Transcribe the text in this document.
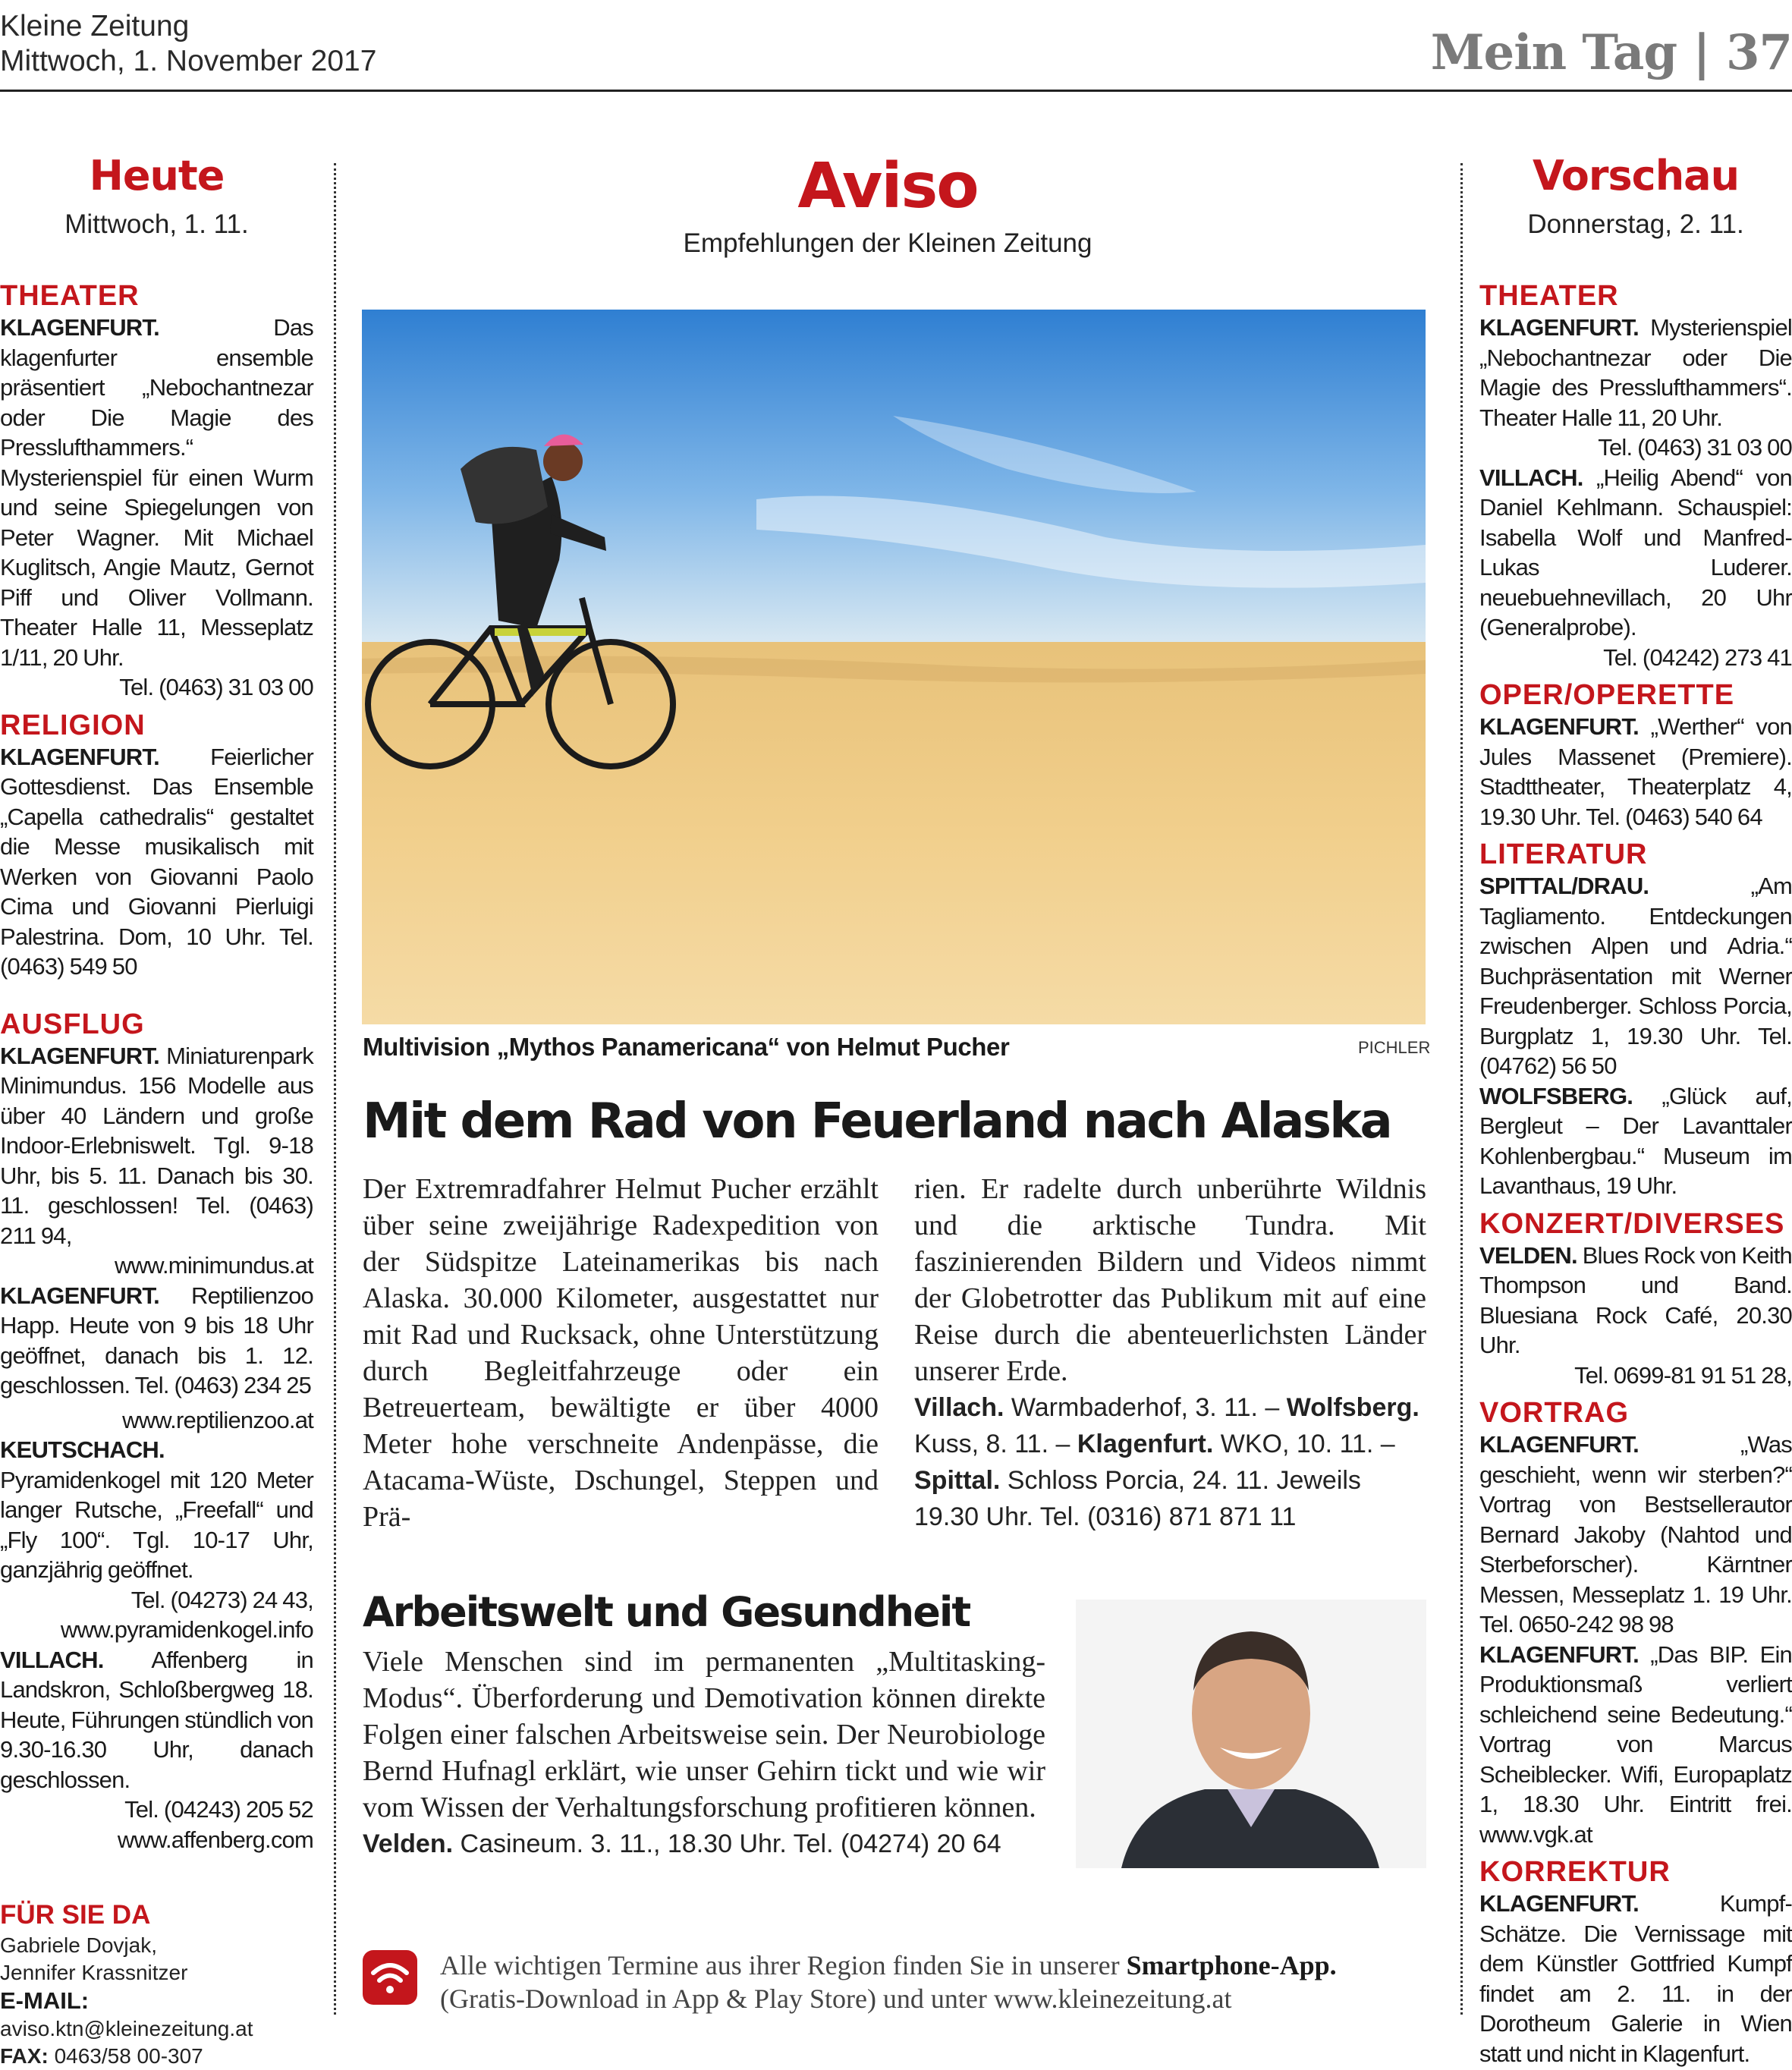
Kleine Zeitung
Mittwoch, 1. November 2017	Mein Tag | 37
Heute
Mittwoch, 1. 11.
THEATER
KLAGENFURT.	Das klagenfurter ensemble präsentiert „Nebochantnezar oder Die Magie des Presslufthammers.“ Mysterienspiel für einen Wurm und seine Spiegelungen von Peter Wagner. Mit Michael Kuglitsch, Angie Mautz, Gernot Piff und Oliver Vollmann. Theater Halle 11, Messeplatz 1/11, 20 Uhr.
Tel. (0463) 31 03 00
RELIGION
KLAGENFURT. Feierlicher Gottesdienst. Das Ensemble „Capella cathedralis“ gestaltet die Messe musikalisch mit Werken von Giovanni Paolo Cima und Giovanni Pierluigi Palestrina. Dom, 10 Uhr. Tel. (0463) 549 50
AUSFLUG
KLAGENFURT. Miniaturenpark Minimundus. 156 Modelle aus über 40 Ländern und große Indoor-Erlebniswelt. Tgl. 9-18 Uhr, bis 5. 11. Danach bis 30. 11. geschlossen! Tel. (0463) 211 94,
www.minimundus.at
KLAGENFURT. Reptilienzoo Happ. Heute von 9 bis 18 Uhr geöffnet, danach bis 1. 12. geschlossen. Tel. (0463) 234 25
www.reptilienzoo.at
KEUTSCHACH. Pyramidenkogel mit 120 Meter langer Rutsche, „Freefall“ und „Fly 100“. Tgl. 10-17 Uhr, ganzjährig geöffnet.
Tel. (04273) 24 43,
www.pyramidenkogel.info
VILLACH. Affenberg in Landskron, Schloßbergweg 18. Heute, Führungen stündlich von 9.30-16.30 Uhr, danach geschlossen.
Tel. (04243) 205 52
www.affenberg.com
FÜR SIE DA
Gabriele Dovjak,
Jennifer Krassnitzer
E-MAIL:
aviso.ktn@kleinezeitung.at
FAX: 0463/58 00-307
Aviso
Empfehlungen der Kleinen Zeitung
Multivision „Mythos Panamericana“ von Helmut Pucher	PICHLER
Mit dem Rad von Feuerland nach Alaska
Der Extremradfahrer Helmut Pucher erzählt über seine zweijährige Radexpedition von der Südspitze Lateinamerikas bis nach Alaska. 30.000 Kilometer, ausgestattet nur mit Rad und Rucksack, ohne Unterstützung durch Begleitfahrzeuge oder ein Betreuerteam, bewältigte er über 4000 Meter hohe verschneite Andenpässe, die Atacama-Wüste, Dschungel, Steppen und Prä-
rien. Er radelte durch unberührte Wildnis und die arktische Tundra. Mit faszinierenden Bildern und Videos nimmt der Globetrotter das Publikum mit auf eine Reise durch die abenteuerlichsten Länder unserer Erde.
Villach. Warmbaderhof, 3. 11. – Wolfsberg. Kuss, 8. 11. – Klagenfurt. WKO, 10. 11. – Spittal. Schloss Porcia, 24. 11. Jeweils 19.30 Uhr. Tel. (0316) 871 871 11
Arbeitswelt und Gesundheit
Viele Menschen sind im permanenten „Multitasking-Modus“. Überforderung und Demotivation können direkte Folgen einer falschen Arbeitsweise sein. Der Neurobiologe Bernd Hufnagl erklärt, wie unser Gehirn tickt und wie wir vom Wissen der Verhaltungsforschung profitieren können.
Velden. Casineum. 3. 11., 18.30 Uhr. Tel. (04274) 20 64
Alle wichtigen Termine aus ihrer Region finden Sie in unserer Smartphone-App.
(Gratis-Download in App & Play Store) und unter www.kleinezeitung.at
Vorschau
Donnerstag, 2. 11.
THEATER
KLAGENFURT. Mysterienspiel „Nebochantnezar oder Die Magie des Presslufthammers“. Theater Halle 11, 20 Uhr.
Tel. (0463) 31 03 00
VILLACH. „Heilig Abend“ von Daniel Kehlmann. Schauspiel: Isabella Wolf und Manfred-Lukas Luderer. neuebuehnevillach, 20 Uhr (Generalprobe).
Tel. (04242) 273 41
OPER/OPERETTE
KLAGENFURT. „Werther“ von Jules Massenet (Premiere). Stadttheater, Theaterplatz 4, 19.30 Uhr. Tel. (0463) 540 64
LITERATUR
SPITTAL/DRAU.	„Am Tagliamento. Entdeckungen zwischen Alpen und Adria.“ Buchpräsentation mit Werner Freudenberger. Schloss Porcia, Burgplatz 1, 19.30 Uhr. Tel. (04762) 56 50
WOLFSBERG. „Glück auf, Bergleut – Der Lavanttaler Kohlenbergbau.“ Museum im Lavanthaus, 19 Uhr.
KONZERT/DIVERSES
VELDEN. Blues Rock von Keith Thompson und Band. Bluesiana Rock Café, 20.30 Uhr.
Tel. 0699-81 91 51 28,
VORTRAG
KLAGENFURT.	„Was geschieht, wenn wir sterben?“ Vortrag von Bestsellerautor Bernard Jakoby (Nahtod und Sterbeforscher). Kärntner Messen, Messeplatz 1. 19 Uhr. Tel. 0650-242 98 98
KLAGENFURT. „Das BIP. Ein Produktionsmaß verliert schleichend seine Bedeutung.“ Vortrag von Marcus Scheiblecker. Wifi, Europaplatz 1, 18.30 Uhr. Eintritt frei. www.vgk.at
KORREKTUR
KLAGENFURT.	Kumpf-Schätze. Die Vernissage mit dem Künstler Gottfried Kumpf findet am 2. 11. in der Dorotheum Galerie in Wien statt und nicht in Klagenfurt.
